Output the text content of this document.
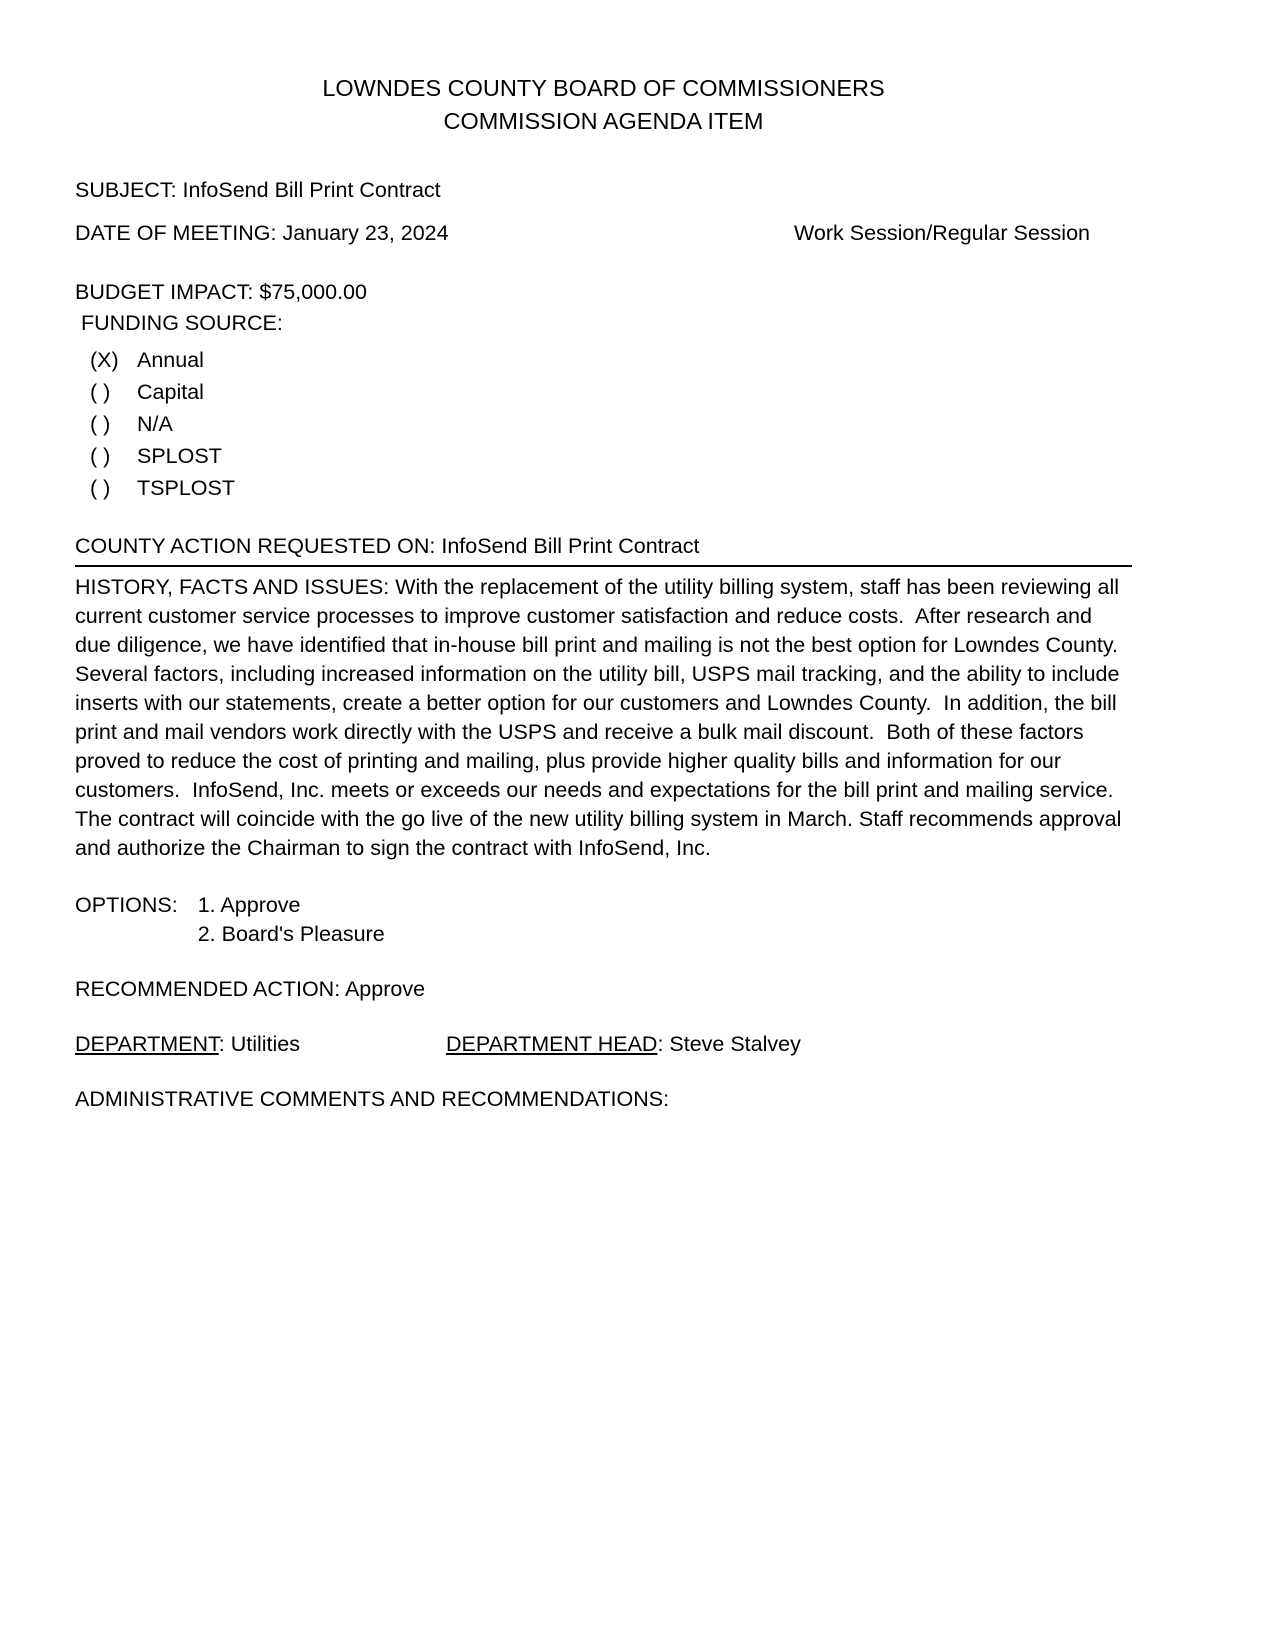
LOWNDES COUNTY BOARD OF COMMISSIONERS
COMMISSION AGENDA ITEM
SUBJECT: InfoSend Bill Print Contract
DATE OF MEETING: January 23, 2024	Work Session/Regular Session
BUDGET IMPACT: $75,000.00
FUNDING SOURCE:
(X) Annual
( )	Capital
( )	N/A
( )	SPLOST
( )	TSPLOST
COUNTY ACTION REQUESTED ON: InfoSend Bill Print Contract
HISTORY, FACTS AND ISSUES: With the replacement of the utility billing system, staff has been reviewing all current customer service processes to improve customer satisfaction and reduce costs.  After research and due diligence, we have identified that in-house bill print and mailing is not the best option for Lowndes County.  Several factors, including increased information on the utility bill, USPS mail tracking, and the ability to include inserts with our statements, create a better option for our customers and Lowndes County.  In addition, the bill print and mail vendors work directly with the USPS and receive a bulk mail discount.  Both of these factors proved to reduce the cost of printing and mailing, plus provide higher quality bills and information for our customers.  InfoSend, Inc. meets or exceeds our needs and expectations for the bill print and mailing service. The contract will coincide with the go live of the new utility billing system in March. Staff recommends approval and authorize the Chairman to sign the contract with InfoSend, Inc.
OPTIONS: 1. Approve
2. Board's Pleasure
RECOMMENDED ACTION: Approve
DEPARTMENT: Utilities	DEPARTMENT HEAD: Steve Stalvey
ADMINISTRATIVE COMMENTS AND RECOMMENDATIONS:
